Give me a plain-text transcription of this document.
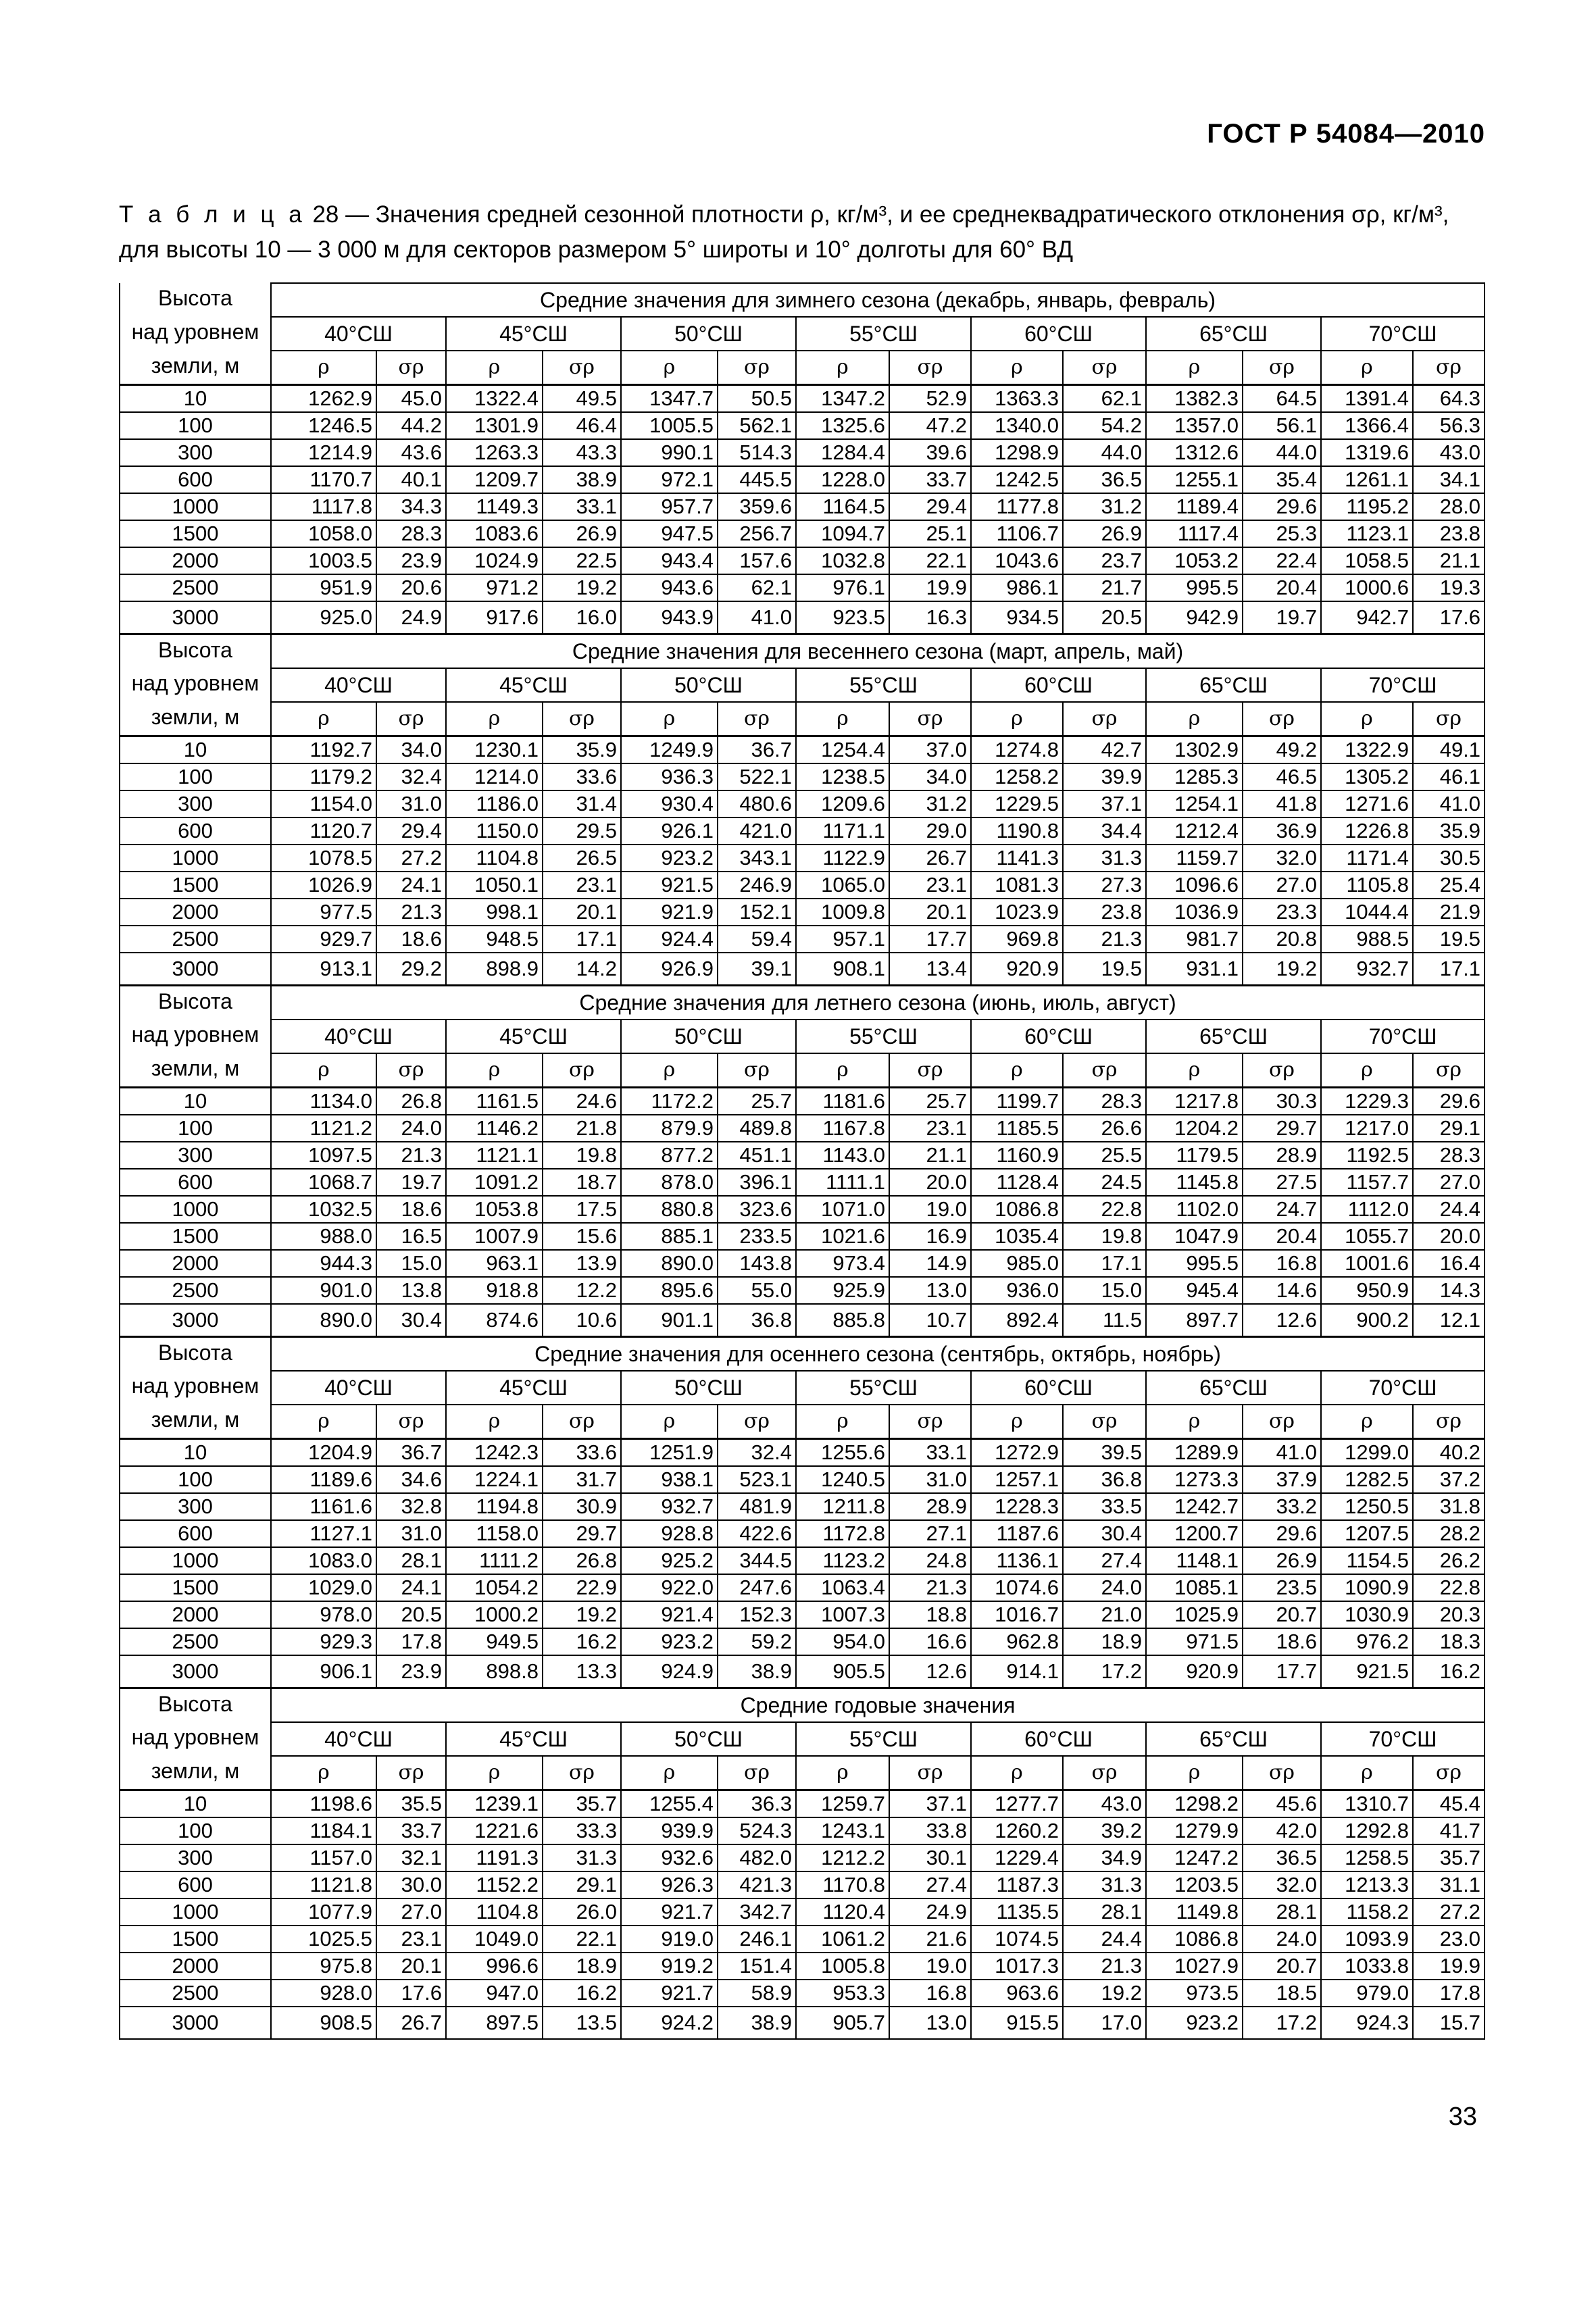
ГОСТ Р 54084—2010
Т а б л и ц а 28 — Значения средней сезонной плотности ρ, кг/м³, и ее среднеквадратического отклонения σρ, кг/м³, для высоты 10 — 3 000 м для секторов размером 5° широты и 10° долготы для 60° ВД
Высота	Средние значения для зимнего сезона (декабрь, январь, февраль)													
над уровнем	40°СШ		45°СШ		50°СШ		55°СШ		60°СШ		65°СШ		70°СШ	
земли, м	ρ	σρ	ρ	σρ	ρ	σρ	ρ	σρ	ρ	σρ	ρ	σρ	ρ	σρ
10	1262.9	45.0	1322.4	49.5	1347.7	50.5	1347.2	52.9	1363.3	62.1	1382.3	64.5	1391.4	64.3
100	1246.5	44.2	1301.9	46.4	1005.5	562.1	1325.6	47.2	1340.0	54.2	1357.0	56.1	1366.4	56.3
300	1214.9	43.6	1263.3	43.3	990.1	514.3	1284.4	39.6	1298.9	44.0	1312.6	44.0	1319.6	43.0
600	1170.7	40.1	1209.7	38.9	972.1	445.5	1228.0	33.7	1242.5	36.5	1255.1	35.4	1261.1	34.1
1000	1117.8	34.3	1149.3	33.1	957.7	359.6	1164.5	29.4	1177.8	31.2	1189.4	29.6	1195.2	28.0
1500	1058.0	28.3	1083.6	26.9	947.5	256.7	1094.7	25.1	1106.7	26.9	1117.4	25.3	1123.1	23.8
2000	1003.5	23.9	1024.9	22.5	943.4	157.6	1032.8	22.1	1043.6	23.7	1053.2	22.4	1058.5	21.1
2500	951.9	20.6	971.2	19.2	943.6	62.1	976.1	19.9	986.1	21.7	995.5	20.4	1000.6	19.3
3000	925.0	24.9	917.6	16.0	943.9	41.0	923.5	16.3	934.5	20.5	942.9	19.7	942.7	17.6
Высота	Средние значения для весеннего сезона (март, апрель, май)													
над уровнем	40°СШ		45°СШ		50°СШ		55°СШ		60°СШ		65°СШ		70°СШ	
земли, м	ρ	σρ	ρ	σρ	ρ	σρ	ρ	σρ	ρ	σρ	ρ	σρ	ρ	σρ
10	1192.7	34.0	1230.1	35.9	1249.9	36.7	1254.4	37.0	1274.8	42.7	1302.9	49.2	1322.9	49.1
100	1179.2	32.4	1214.0	33.6	936.3	522.1	1238.5	34.0	1258.2	39.9	1285.3	46.5	1305.2	46.1
300	1154.0	31.0	1186.0	31.4	930.4	480.6	1209.6	31.2	1229.5	37.1	1254.1	41.8	1271.6	41.0
600	1120.7	29.4	1150.0	29.5	926.1	421.0	1171.1	29.0	1190.8	34.4	1212.4	36.9	1226.8	35.9
1000	1078.5	27.2	1104.8	26.5	923.2	343.1	1122.9	26.7	1141.3	31.3	1159.7	32.0	1171.4	30.5
1500	1026.9	24.1	1050.1	23.1	921.5	246.9	1065.0	23.1	1081.3	27.3	1096.6	27.0	1105.8	25.4
2000	977.5	21.3	998.1	20.1	921.9	152.1	1009.8	20.1	1023.9	23.8	1036.9	23.3	1044.4	21.9
2500	929.7	18.6	948.5	17.1	924.4	59.4	957.1	17.7	969.8	21.3	981.7	20.8	988.5	19.5
3000	913.1	29.2	898.9	14.2	926.9	39.1	908.1	13.4	920.9	19.5	931.1	19.2	932.7	17.1
Высота	Средние значения для летнего сезона (июнь, июль, август)													
над уровнем	40°СШ		45°СШ		50°СШ		55°СШ		60°СШ		65°СШ		70°СШ	
земли, м	ρ	σρ	ρ	σρ	ρ	σρ	ρ	σρ	ρ	σρ	ρ	σρ	ρ	σρ
10	1134.0	26.8	1161.5	24.6	1172.2	25.7	1181.6	25.7	1199.7	28.3	1217.8	30.3	1229.3	29.6
100	1121.2	24.0	1146.2	21.8	879.9	489.8	1167.8	23.1	1185.5	26.6	1204.2	29.7	1217.0	29.1
300	1097.5	21.3	1121.1	19.8	877.2	451.1	1143.0	21.1	1160.9	25.5	1179.5	28.9	1192.5	28.3
600	1068.7	19.7	1091.2	18.7	878.0	396.1	1111.1	20.0	1128.4	24.5	1145.8	27.5	1157.7	27.0
1000	1032.5	18.6	1053.8	17.5	880.8	323.6	1071.0	19.0	1086.8	22.8	1102.0	24.7	1112.0	24.4
1500	988.0	16.5	1007.9	15.6	885.1	233.5	1021.6	16.9	1035.4	19.8	1047.9	20.4	1055.7	20.0
2000	944.3	15.0	963.1	13.9	890.0	143.8	973.4	14.9	985.0	17.1	995.5	16.8	1001.6	16.4
2500	901.0	13.8	918.8	12.2	895.6	55.0	925.9	13.0	936.0	15.0	945.4	14.6	950.9	14.3
3000	890.0	30.4	874.6	10.6	901.1	36.8	885.8	10.7	892.4	11.5	897.7	12.6	900.2	12.1
Высота	Средние значения для осеннего сезона (сентябрь, октябрь, ноябрь)													
над уровнем	40°СШ		45°СШ		50°СШ		55°СШ		60°СШ		65°СШ		70°СШ	
земли, м	ρ	σρ	ρ	σρ	ρ	σρ	ρ	σρ	ρ	σρ	ρ	σρ	ρ	σρ
10	1204.9	36.7	1242.3	33.6	1251.9	32.4	1255.6	33.1	1272.9	39.5	1289.9	41.0	1299.0	40.2
100	1189.6	34.6	1224.1	31.7	938.1	523.1	1240.5	31.0	1257.1	36.8	1273.3	37.9	1282.5	37.2
300	1161.6	32.8	1194.8	30.9	932.7	481.9	1211.8	28.9	1228.3	33.5	1242.7	33.2	1250.5	31.8
600	1127.1	31.0	1158.0	29.7	928.8	422.6	1172.8	27.1	1187.6	30.4	1200.7	29.6	1207.5	28.2
1000	1083.0	28.1	1111.2	26.8	925.2	344.5	1123.2	24.8	1136.1	27.4	1148.1	26.9	1154.5	26.2
1500	1029.0	24.1	1054.2	22.9	922.0	247.6	1063.4	21.3	1074.6	24.0	1085.1	23.5	1090.9	22.8
2000	978.0	20.5	1000.2	19.2	921.4	152.3	1007.3	18.8	1016.7	21.0	1025.9	20.7	1030.9	20.3
2500	929.3	17.8	949.5	16.2	923.2	59.2	954.0	16.6	962.8	18.9	971.5	18.6	976.2	18.3
3000	906.1	23.9	898.8	13.3	924.9	38.9	905.5	12.6	914.1	17.2	920.9	17.7	921.5	16.2
Высота	Средние годовые значения													
над уровнем	40°СШ		45°СШ		50°СШ		55°СШ		60°СШ		65°СШ		70°СШ	
земли, м	ρ	σρ	ρ	σρ	ρ	σρ	ρ	σρ	ρ	σρ	ρ	σρ	ρ	σρ
10	1198.6	35.5	1239.1	35.7	1255.4	36.3	1259.7	37.1	1277.7	43.0	1298.2	45.6	1310.7	45.4
100	1184.1	33.7	1221.6	33.3	939.9	524.3	1243.1	33.8	1260.2	39.2	1279.9	42.0	1292.8	41.7
300	1157.0	32.1	1191.3	31.3	932.6	482.0	1212.2	30.1	1229.4	34.9	1247.2	36.5	1258.5	35.7
600	1121.8	30.0	1152.2	29.1	926.3	421.3	1170.8	27.4	1187.3	31.3	1203.5	32.0	1213.3	31.1
1000	1077.9	27.0	1104.8	26.0	921.7	342.7	1120.4	24.9	1135.5	28.1	1149.8	28.1	1158.2	27.2
1500	1025.5	23.1	1049.0	22.1	919.0	246.1	1061.2	21.6	1074.5	24.4	1086.8	24.0	1093.9	23.0
2000	975.8	20.1	996.6	18.9	919.2	151.4	1005.8	19.0	1017.3	21.3	1027.9	20.7	1033.8	19.9
2500	928.0	17.6	947.0	16.2	921.7	58.9	953.3	16.8	963.6	19.2	973.5	18.5	979.0	17.8
3000	908.5	26.7	897.5	13.5	924.2	38.9	905.7	13.0	915.5	17.0	923.2	17.2	924.3	15.7
33
